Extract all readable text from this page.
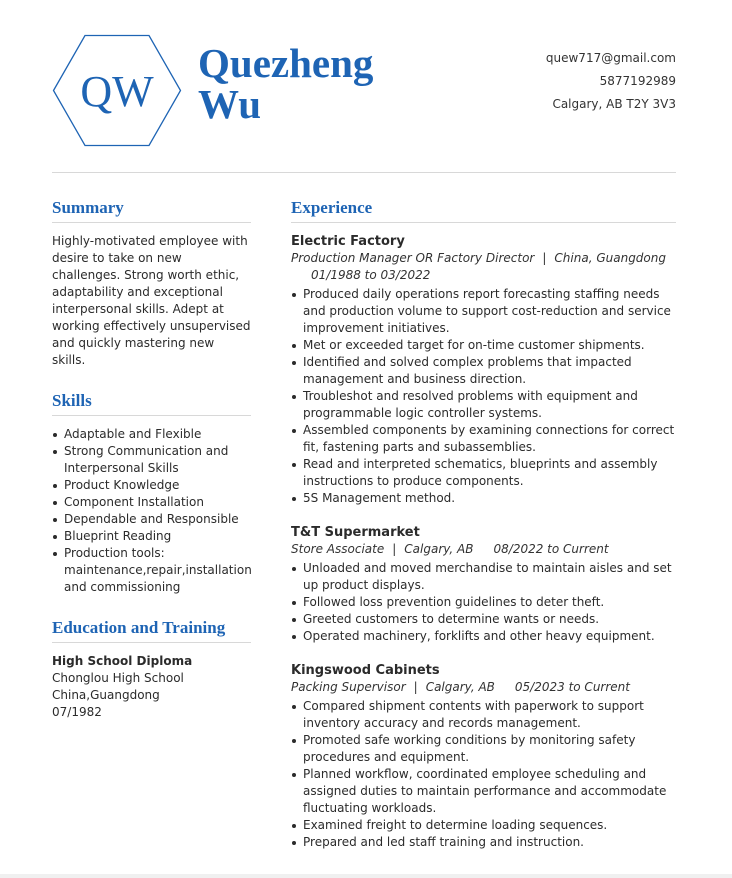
QW
Quezheng
Wu
quew717@gmail.com
5877192989
Calgary, AB T2Y 3V3
Summary

Highly-motivated employee with desire to take on new challenges. Strong worth ethic, adaptability and exceptional interpersonal skills. Adept at working effectively unsupervised and quickly mastering new skills.

Skills
Adaptable and Flexible
Strong Communication and Interpersonal Skills
Product Knowledge
Component Installation
Dependable and Responsible
Blueprint Reading
Production tools: maintenance,repair,installation and commissioning
Education and Training

High School Diploma

Chonglou High School

China,Guangdong

07/1982

Experience

Electric Factory

Production Manager OR Factory Director | China, Guangdong

01/1988 to 03/2022

Produced daily operations report forecasting staffing needs and production volume to support cost-reduction and service improvement initiatives.
Met or exceeded target for on-time customer shipments.
Identified and solved complex problems that impacted management and business direction.
Troubleshot and resolved problems with equipment and programmable logic controller systems.
Assembled components by examining connections for correct fit, fastening parts and subassemblies.
Read and interpreted schematics, blueprints and assembly instructions to produce components.
5S Management method.

T&T Supermarket

Store Associate | Calgary, AB 08/2022 to Current

Unloaded and moved merchandise to maintain aisles and set up product displays.
Followed loss prevention guidelines to deter theft.
Greeted customers to determine wants or needs.
Operated machinery, forklifts and other heavy equipment.

Kingswood Cabinets

Packing Supervisor | Calgary, AB 05/2023 to Current

Compared shipment contents with paperwork to support inventory accuracy and records management.
Promoted safe working conditions by monitoring safety procedures and equipment.
Planned workflow, coordinated employee scheduling and assigned duties to maintain performance and accommodate fluctuating workloads.
Examined freight to determine loading sequences.
Prepared and led staff training and instruction.
